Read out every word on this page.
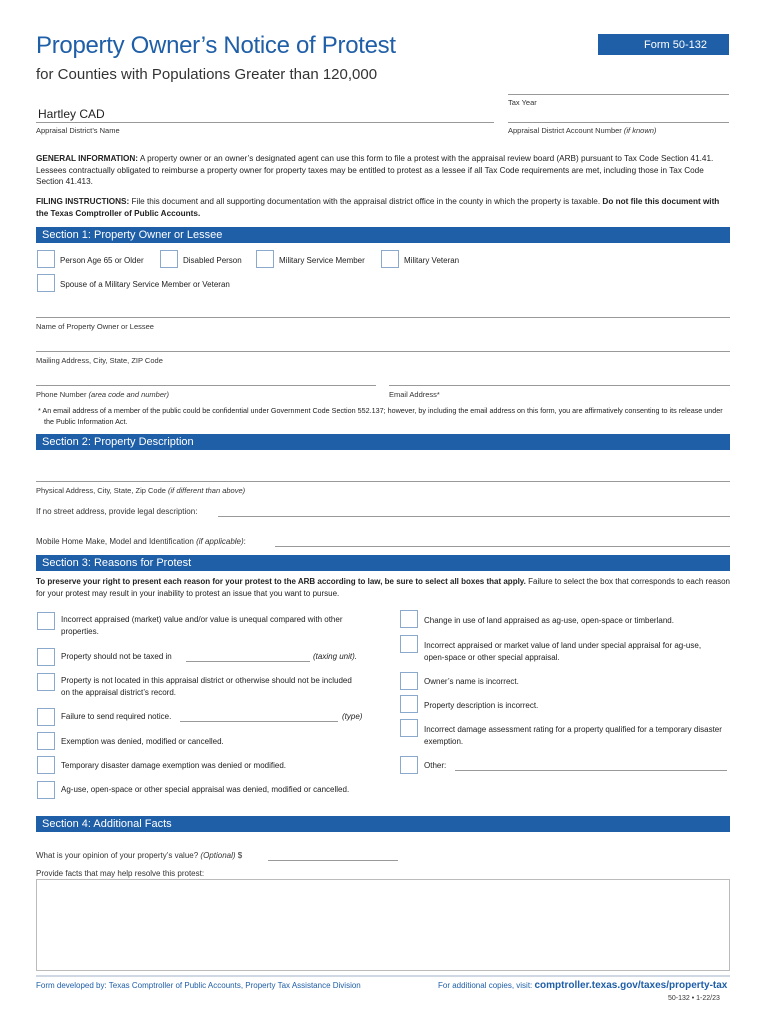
Property Owner’s Notice of Protest
for Counties with Populations Greater than 120,000
Form 50-132
Hartley CAD
Appraisal District’s Name
Tax Year
Appraisal District Account Number (if known)
GENERAL INFORMATION: A property owner or an owner’s designated agent can use this form to file a protest with the appraisal review board (ARB) pursuant to Tax Code Section 41.41. Lessees contractually obligated to reimburse a property owner for property taxes may be entitled to protest as a lessee if all Tax Code requirements are met, including those in Tax Code Section 41.413.
FILING INSTRUCTIONS: File this document and all supporting documentation with the appraisal district office in the county in which the property is taxable. Do not file this document with the Texas Comptroller of Public Accounts.
Section 1: Property Owner or Lessee
Person Age 65 or Older	Disabled Person	Military Service Member	Military Veteran
Spouse of a Military Service Member or Veteran
Name of Property Owner or Lessee
Mailing Address, City, State, ZIP Code
Phone Number (area code and number)	Email Address*
* An email address of a member of the public could be confidential under Government Code Section 552.137; however, by including the email address on this form, you are affirmatively consenting to its release under the Public Information Act.
Section 2: Property Description
Physical Address, City, State, Zip Code (if different than above)
If no street address, provide legal description:
Mobile Home Make, Model and Identification (if applicable):
Section 3: Reasons for Protest
To preserve your right to present each reason for your protest to the ARB according to law, be sure to select all boxes that apply. Failure to select the box that corresponds to each reason for your protest may result in your inability to protest an issue that you want to pursue.
Incorrect appraised (market) value and/or value is unequal compared with other properties.
Property should not be taxed in	(taxing unit).
Property is not located in this appraisal district or otherwise should not be included on the appraisal district’s record.
Failure to send required notice.	(type)
Exemption was denied, modified or cancelled.
Temporary disaster damage exemption was denied or modified.
Ag-use, open-space or other special appraisal was denied, modified or cancelled.
Change in use of land appraised as ag-use, open-space or timberland.
Incorrect appraised or market value of land under special appraisal for ag-use, open-space or other special appraisal.
Owner’s name is incorrect.
Property description is incorrect.
Incorrect damage assessment rating for a property qualified for a temporary disaster exemption.
Other:
Section 4: Additional Facts
What is your opinion of your property’s value? (Optional) $
Provide facts that may help resolve this protest:
Form developed by: Texas Comptroller of Public Accounts, Property Tax Assistance Division	For additional copies, visit: comptroller.texas.gov/taxes/property-tax
50-132 • 1-22/23
